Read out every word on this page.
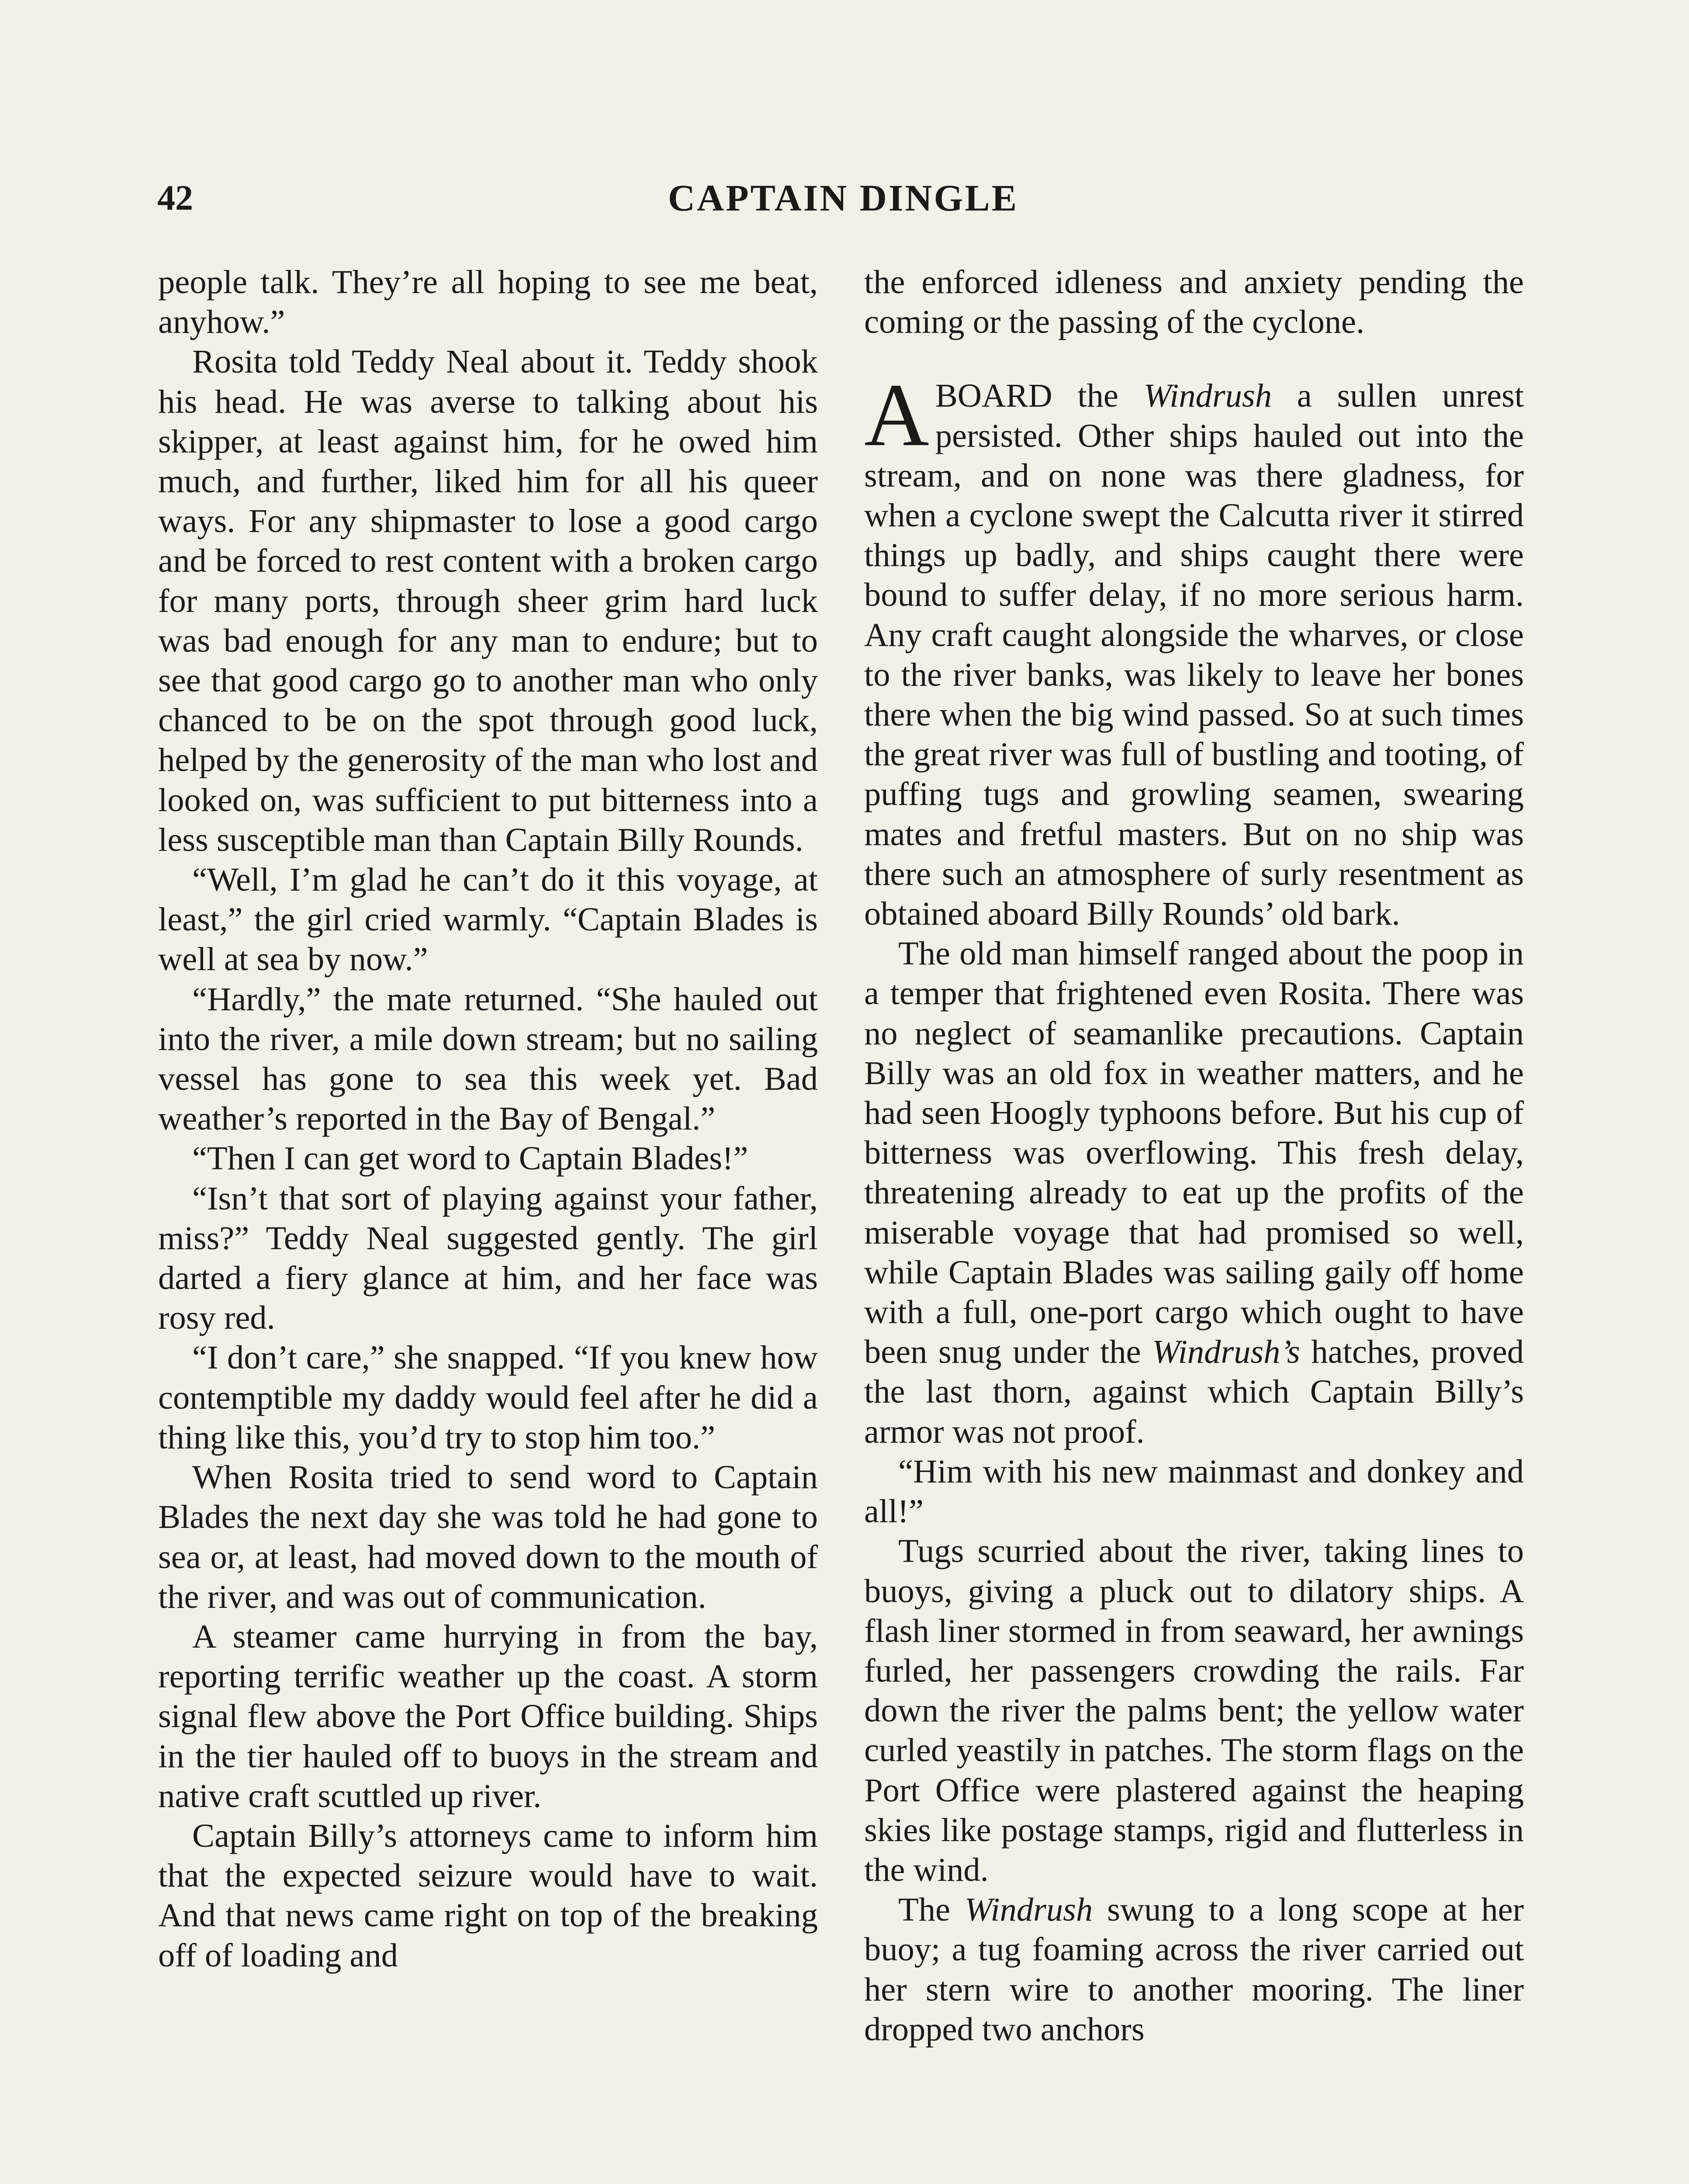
42	CAPTAIN DINGLE

people talk. They’re all hoping to see me beat, anyhow.”

Rosita told Teddy Neal about it. Teddy shook his head. He was averse to talking about his skipper, at least against him, for he owed him much, and further, liked him for all his queer ways. For any shipmaster to lose a good cargo and be forced to rest content with a broken cargo for many ports, through sheer grim hard luck was bad enough for any man to endure; but to see that good cargo go to another man who only chanced to be on the spot through good luck, helped by the generosity of the man who lost and looked on, was sufficient to put bitterness into a less susceptible man than Captain Billy Rounds.

“Well, I’m glad he can’t do it this voyage, at least,” the girl cried warmly. “Captain Blades is well at sea by now.”

“Hardly,” the mate returned. “She hauled out into the river, a mile down stream; but no sailing vessel has gone to sea this week yet. Bad weather’s reported in the Bay of Bengal.”

“Then I can get word to Captain Blades!”

“Isn’t that sort of playing against your father, miss?” Teddy Neal suggested gently. The girl darted a fiery glance at him, and her face was rosy red.

“I don’t care,” she snapped. “If you knew how contemptible my daddy would feel after he did a thing like this, you’d try to stop him too.”

When Rosita tried to send word to Captain Blades the next day she was told he had gone to sea or, at least, had moved down to the mouth of the river, and was out of communication.

A steamer came hurrying in from the bay, reporting terrific weather up the coast. A storm signal flew above the Port Office building. Ships in the tier hauled off to buoys in the stream and native craft scuttled up river.

Captain Billy’s attorneys came to inform him that the expected seizure would have to wait. And that news came right on top of the breaking off of loading and

the enforced idleness and anxiety pending the coming or the passing of the cyclone.

ABOARD the Windrush a sullen unrest persisted. Other ships hauled out into the stream, and on none was there gladness, for when a cyclone swept the Calcutta river it stirred things up badly, and ships caught there were bound to suffer delay, if no more serious harm. Any craft caught alongside the wharves, or close to the river banks, was likely to leave her bones there when the big wind passed. So at such times the great river was full of bustling and tooting, of puffing tugs and growling seamen, swearing mates and fretful masters. But on no ship was there such an atmosphere of surly resentment as obtained aboard Billy Rounds’ old bark.

The old man himself ranged about the poop in a temper that frightened even Rosita. There was no neglect of seamanlike precautions. Captain Billy was an old fox in weather matters, and he had seen Hoogly typhoons before. But his cup of bitterness was overflowing. This fresh delay, threatening already to eat up the profits of the miserable voyage that had promised so well, while Captain Blades was sailing gaily off home with a full, one-port cargo which ought to have been snug under the Windrush’s hatches, proved the last thorn, against which Captain Billy’s armor was not proof.

“Him with his new mainmast and donkey and all!”

Tugs scurried about the river, taking lines to buoys, giving a pluck out to dilatory ships. A flash liner stormed in from seaward, her awnings furled, her passengers crowding the rails. Far down the river the palms bent; the yellow water curled yeastily in patches. The storm flags on the Port Office were plastered against the heaping skies like postage stamps, rigid and flutterless in the wind.

The Windrush swung to a long scope at her buoy; a tug foaming across the river carried out her stern wire to another mooring. The liner dropped two anchors
